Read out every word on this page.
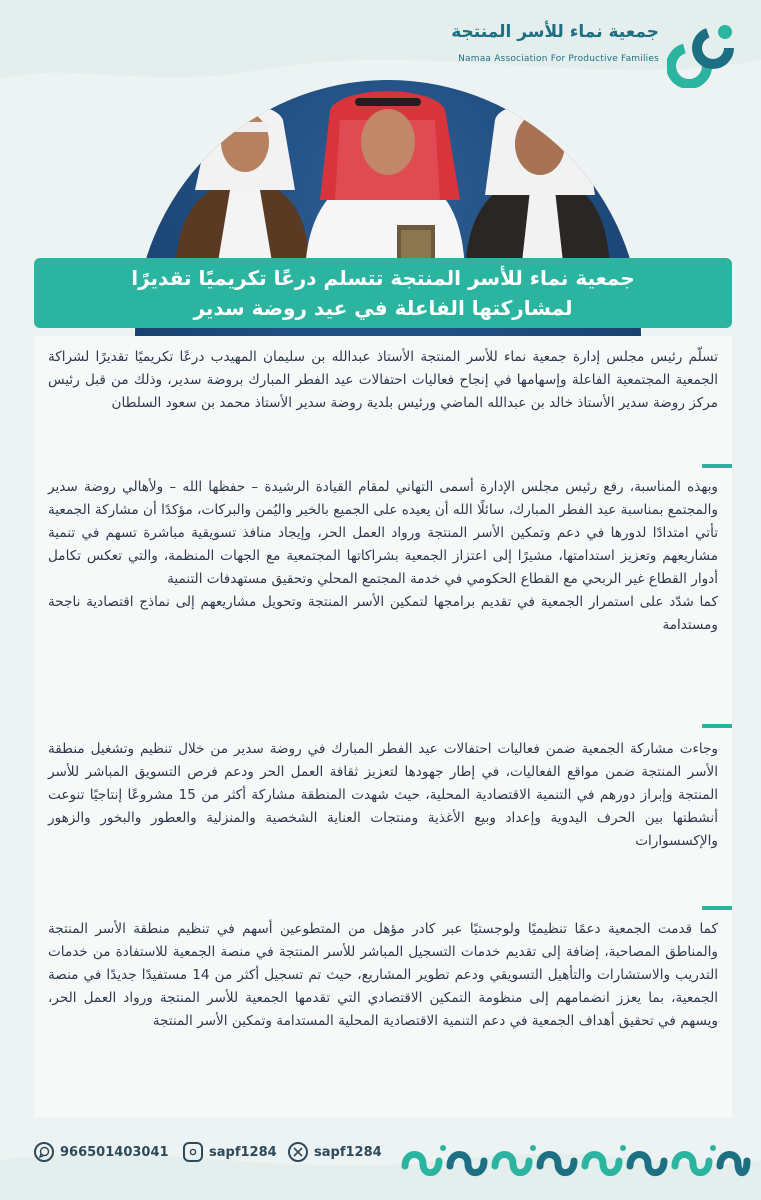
جمعية نماء للأسر المنتجة
Namaa Association For Productive Families
جمعية نماء للأسر المنتجة تتسلم درعًا تكريميًا تقديرًا
لمشاركتها الفاعلة في عيد روضة سدير

تسلّم رئيس مجلس إدارة جمعية نماء للأسر المنتجة الأستاذ عبدالله بن سليمان المهيدب درعًا تكريميًا تقديرًا لشراكة الجمعية المجتمعية الفاعلة وإسهامها في إنجاح فعاليات احتفالات عيد الفطر المبارك بروضة سدير، وذلك من قبل رئيس مركز روضة سدير الأستاذ خالد بن عبدالله الماضي ورئيس بلدية روضة سدير الأستاذ محمد بن سعود السلطان

وبهذه المناسبة، رفع رئيس مجلس الإدارة أسمى التهاني لمقام القيادة الرشيدة – حفظها الله – ولأهالي روضة سدير والمجتمع بمناسبة عيد الفطر المبارك، سائلًا الله أن يعيده على الجميع بالخير واليُمن والبركات، مؤكدًا أن مشاركة الجمعية تأتي امتدادًا لدورها في دعم وتمكين الأسر المنتجة ورواد العمل الحر، وإيجاد منافذ تسويقية مباشرة تسهم في تنمية مشاريعهم وتعزيز استدامتها، مشيرًا إلى اعتزاز الجمعية بشراكاتها المجتمعية مع الجهات المنظمة، والتي تعكس تكامل أدوار القطاع غير الربحي مع القطاع الحكومي في خدمة المجتمع المحلي وتحقيق مستهدفات التنمية

كما شدّد على استمرار الجمعية في تقديم برامجها لتمكين الأسر المنتجة وتحويل مشاريعهم إلى نماذج اقتصادية ناجحة ومستدامة

وجاءت مشاركة الجمعية ضمن فعاليات احتفالات عيد الفطر المبارك في روضة سدير من خلال تنظيم وتشغيل منطقة الأسر المنتجة ضمن مواقع الفعاليات، في إطار جهودها لتعزيز ثقافة العمل الحر ودعم فرص التسويق المباشر للأسر المنتجة وإبراز دورهم في التنمية الاقتصادية المحلية، حيث شهدت المنطقة مشاركة أكثر من 15 مشروعًا إنتاجيًا تنوعت أنشطتها بين الحرف اليدوية وإعداد وبيع الأغذية ومنتجات العناية الشخصية والمنزلية والعطور والبخور والزهور والإكسسوارات

كما قدمت الجمعية دعمًا تنظيميًا ولوجستيًا عبر كادر مؤهل من المتطوعين أسهم في تنظيم منطقة الأسر المنتجة والمناطق المصاحبة، إضافة إلى تقديم خدمات التسجيل المباشر للأسر المنتجة في منصة الجمعية للاستفادة من خدمات التدريب والاستشارات والتأهيل التسويقي ودعم تطوير المشاريع، حيث تم تسجيل أكثر من 14 مستفيدًا جديدًا في منصة الجمعية، بما يعزز انضمامهم إلى منظومة التمكين الاقتصادي التي تقدمها الجمعية للأسر المنتجة ورواد العمل الحر، ويسهم في تحقيق أهداف الجمعية في دعم التنمية الاقتصادية المحلية المستدامة وتمكين الأسر المنتجة

966501403041	sapf1284	sapf1284
